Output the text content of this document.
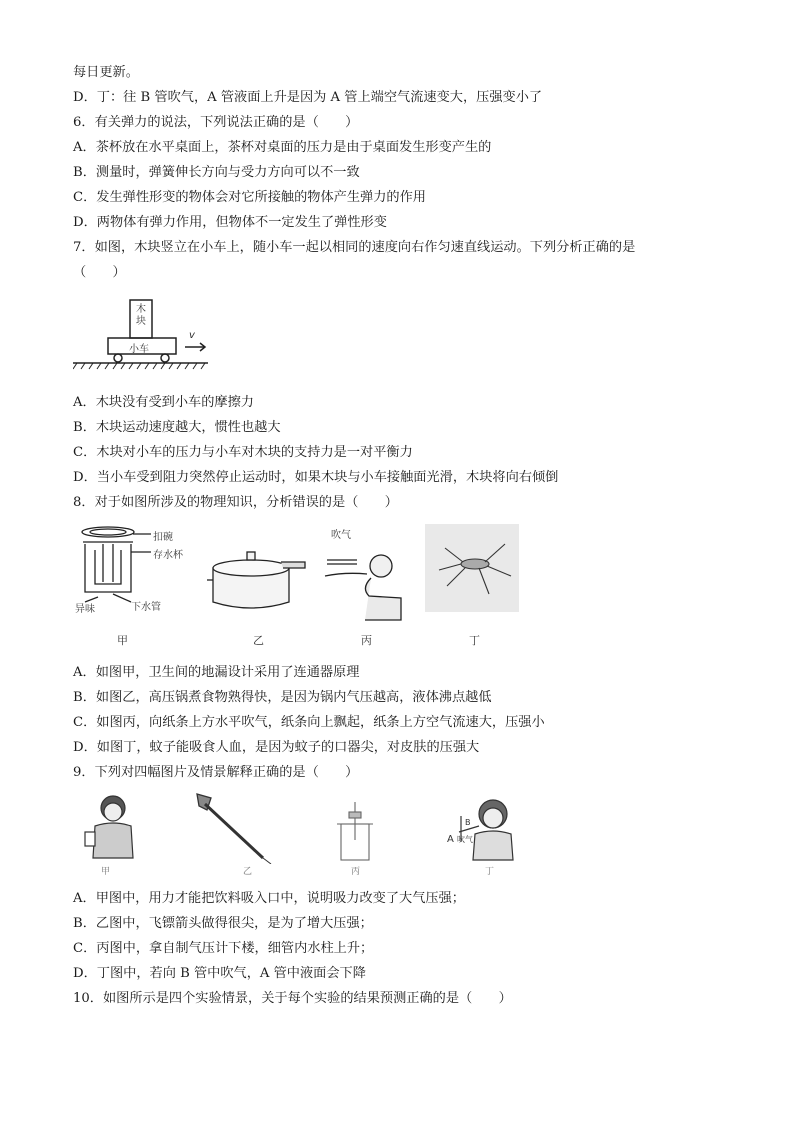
每日更新。
D．丁：往 B 管吹气，A 管液面上升是因为 A 管上端空气流速变大，压强变小了
6．有关弹力的说法，下列说法正确的是（　　）
A．茶杯放在水平桌面上，茶杯对桌面的压力是由于桌面发生形变产生的
B．测量时，弹簧伸长方向与受力方向可以不一致
C．发生弹性形变的物体会对它所接触的物体产生弹力的作用
D．两物体有弹力作用，但物体不一定发生了弹性形变
7．如图，木块竖立在小车上，随小车一起以相同的速度向右作匀速直线运动。下列分析正确的是
（　　）
木块
小车
v
A．木块没有受到小车的摩擦力
B．木块运动速度越大，惯性也越大
C．木块对小车的压力与小车对木块的支持力是一对平衡力
D．当小车受到阻力突然停止运动时，如果木块与小车接触面光滑，木块将向右倾倒
8．对于如图所涉及的物理知识，分析错误的是（　　）
扣碗
存水杯
异味	下水管
吹气
甲	乙	丙	丁
A．如图甲，卫生间的地漏设计采用了连通器原理
B．如图乙，高压锅煮食物熟得快，是因为锅内气压越高，液体沸点越低
C．如图丙，向纸条上方水平吹气，纸条向上飘起，纸条上方空气流速大，压强小
D．如图丁，蚊子能吸食人血，是因为蚊子的口器尖，对皮肤的压强大
9．下列对四幅图片及情景解释正确的是（　　）
A
B
吹气
甲	乙	丙	丁
A．甲图中，用力才能把饮料吸入口中，说明吸力改变了大气压强；
B．乙图中，飞镖箭头做得很尖，是为了增大压强；
C．丙图中，拿自制气压计下楼，细管内水柱上升；
D．丁图中，若向 B 管中吹气，A 管中液面会下降
10．如图所示是四个实验情景，关于每个实验的结果预测正确的是（　　）
